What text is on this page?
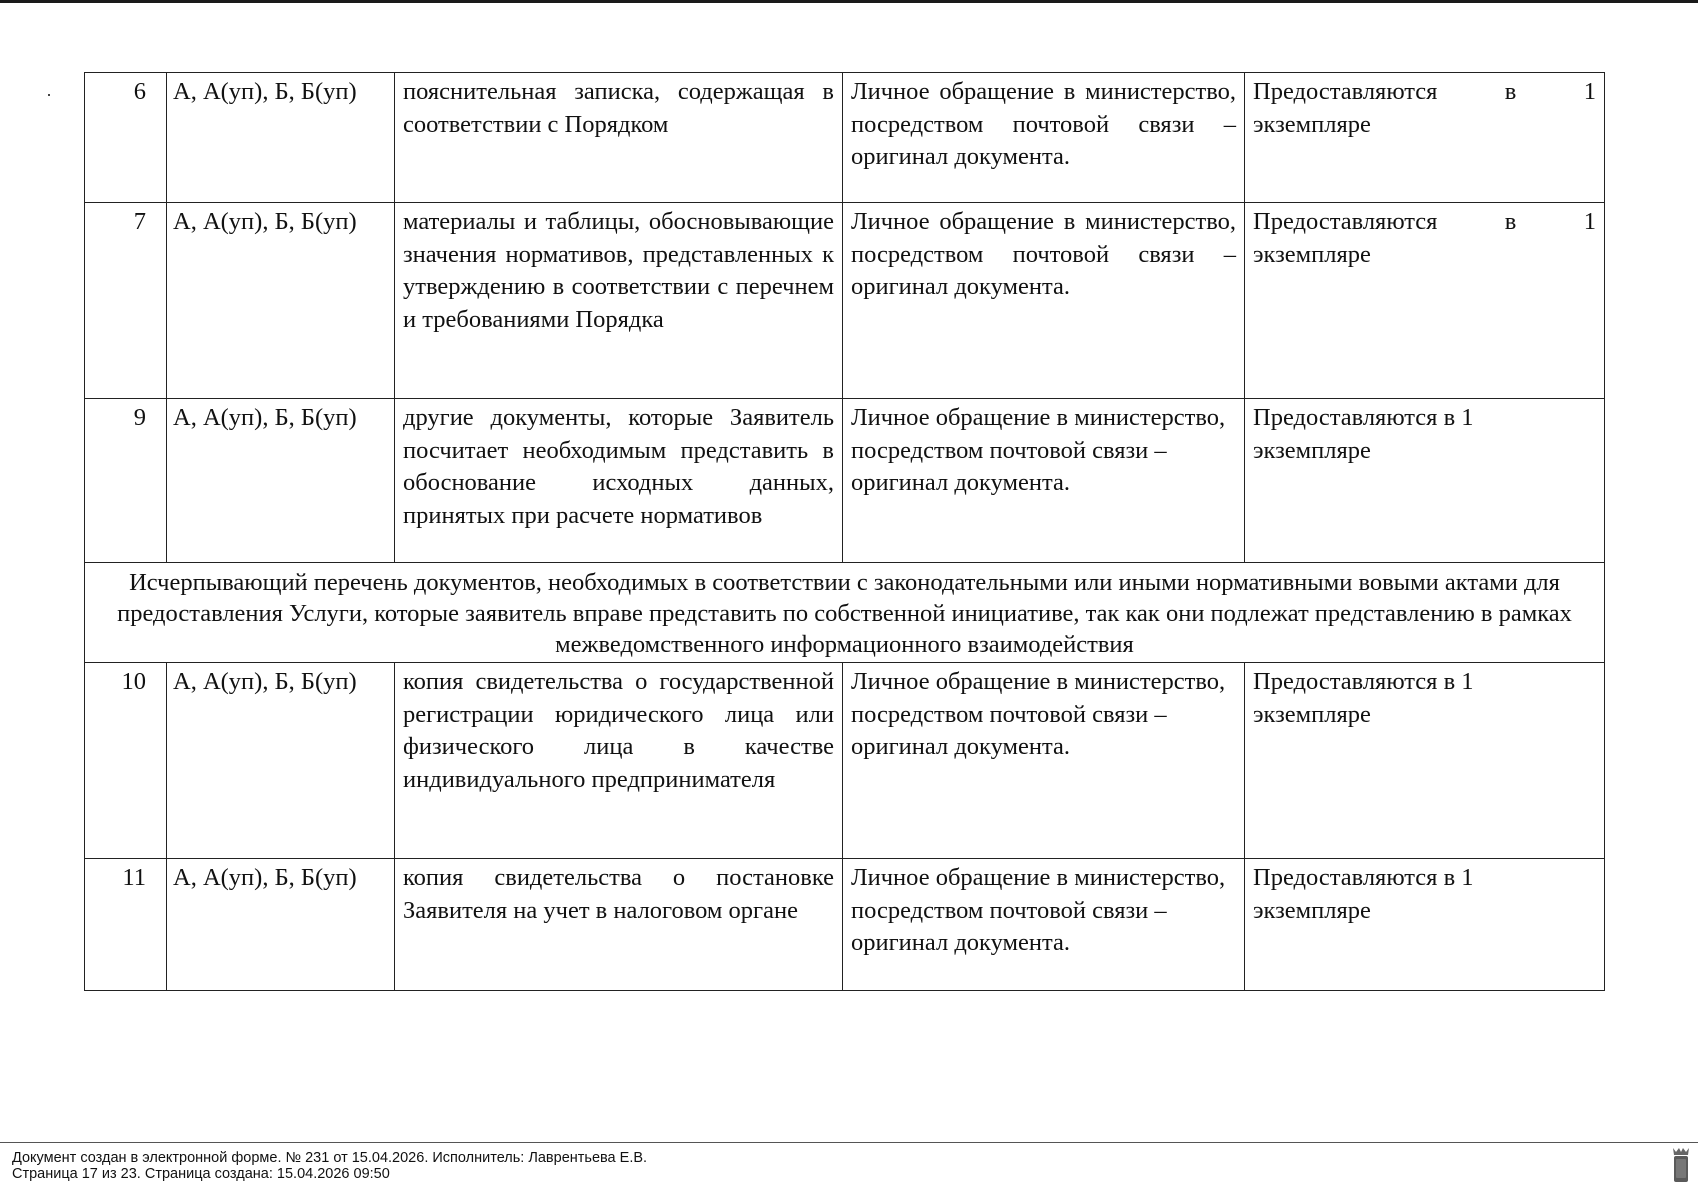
6	А, А(уп), Б, Б(уп)	пояснительная записка, содержащая в соответствии с Порядком	Личное обращение в министерство, посредством почтовой связи – оригинал документа.	Предоставляются в 1 экземпляре
7	А, А(уп), Б, Б(уп)	материалы и таблицы, обосновывающие значения нормативов, представленных к утверждению в соответствии с перечнем и требованиями Порядка	Личное обращение в министерство, посредством почтовой связи – оригинал документа.	Предоставляются в 1 экземпляре
9	А, А(уп), Б, Б(уп)	другие документы, которые Заявитель посчитает необходимым представить в обоснование исходных данных, принятых при расчете нормативов	Личное обращение в министерство, посредством почтовой связи – оригинал документа.	Предоставляются в 1 экземпляре
Исчерпывающий перечень документов, необходимых в соответствии с законодательными или иными нормативными вовыми актами для предоставления Услуги, которые заявитель вправе представить по собственной инициативе, так как они подлежат представлению в рамках межведомственного информационного взаимодействия				
10	А, А(уп), Б, Б(уп)	копия свидетельства о государственной регистрации юридического лица или физического лица в качестве индивидуального предпринимателя	Личное обращение в министерство, посредством почтовой связи – оригинал документа.	Предоставляются в 1 экземпляре
11	А, А(уп), Б, Б(уп)	копия свидетельства о постановке Заявителя на учет в налоговом органе	Личное обращение в министерство, посредством почтовой связи – оригинал документа.	Предоставляются в 1 экземпляре
Документ создан в электронной форме. № 231 от 15.04.2026. Исполнитель: Лаврентьева Е.В.
Страница 17 из 23. Страница создана: 15.04.2026 09:50
